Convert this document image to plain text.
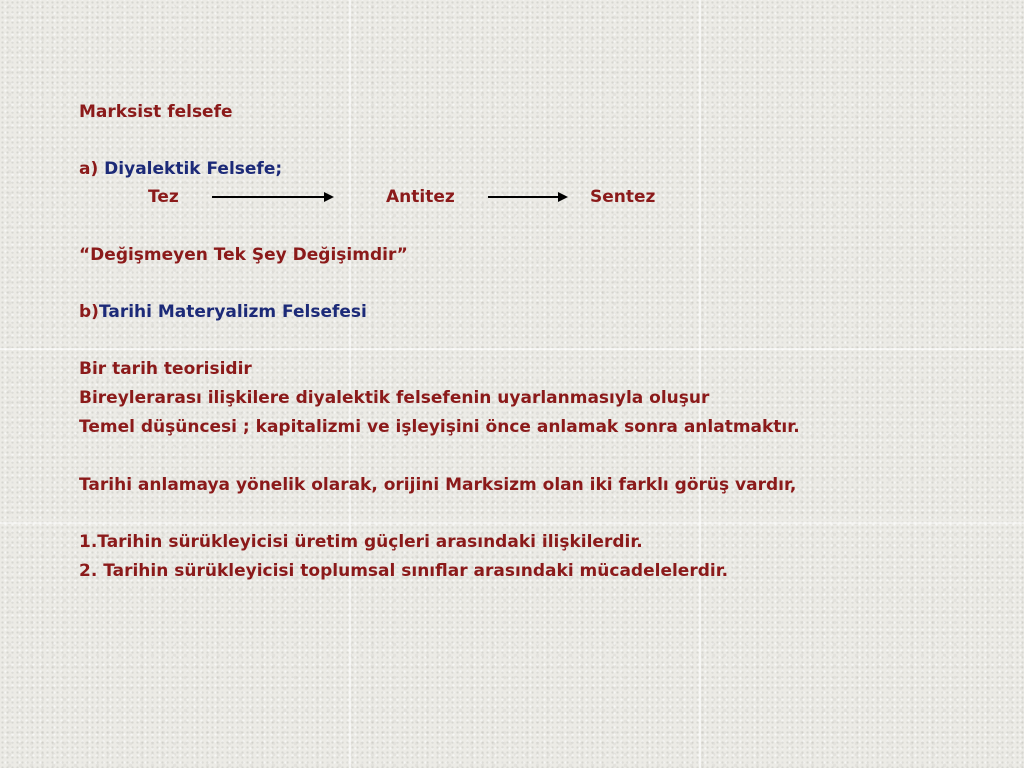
Marksist felsefe

a) Diyalektik Felsefe;

Tez	Antitez	Sentez

“Değişmeyen Tek Şey Değişimdir”

b)Tarihi Materyalizm Felsefesi

Bir tarih teorisidir

Bireylerarası ilişkilere diyalektik felsefenin uyarlanmasıyla oluşur

Temel düşüncesi ; kapitalizmi ve işleyişini önce anlamak sonra anlatmaktır.

Tarihi anlamaya yönelik olarak, orijini Marksizm olan iki farklı görüş vardır,

1.Tarihin sürükleyicisi üretim güçleri arasındaki ilişkilerdir.

2. Tarihin sürükleyicisi toplumsal sınıflar arasındaki mücadelelerdir.
